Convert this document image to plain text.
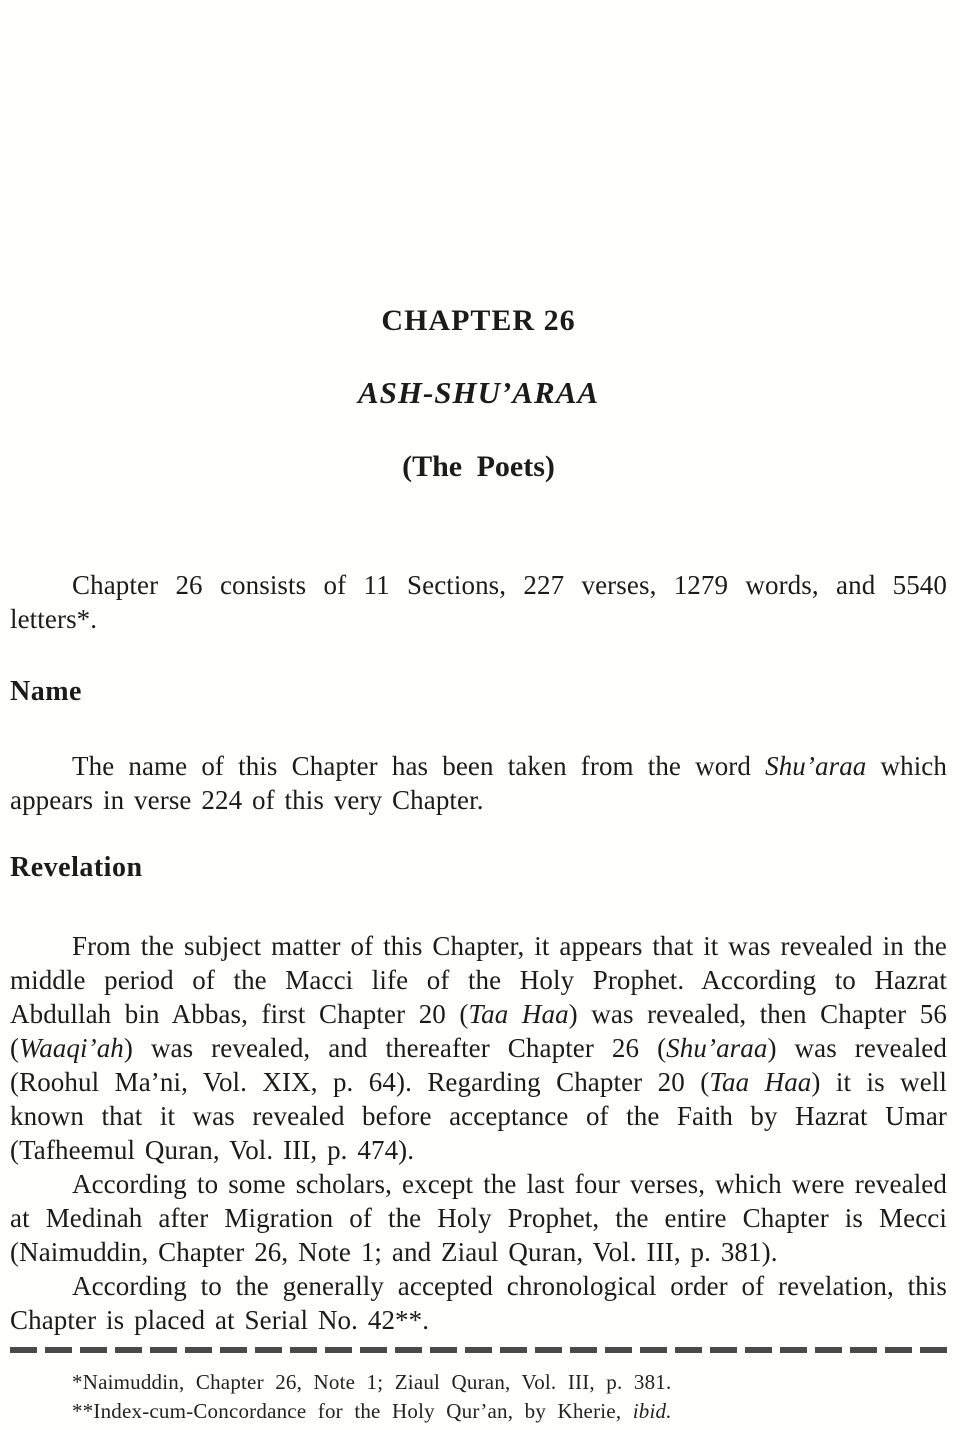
CHAPTER 26
ASH-SHU’ARAA
(The Poets)

Chapter 26 consists of 11 Sections, 227 verses, 1279 words, and 5540 letters*.

Name

The name of this Chapter has been taken from the word Shu’araa which appears in verse 224 of this very Chapter.

Revelation

From the subject matter of this Chapter, it appears that it was revealed in the middle period of the Macci life of the Holy Prophet. According to Hazrat Abdullah bin Abbas, first Chapter 20 (Taa Haa) was revealed, then Chapter 56 (Waaqi’ah) was revealed, and thereafter Chapter 26 (Shu’araa) was revealed (Roohul Ma’ni, Vol. XIX, p. 64). Regarding Chapter 20 (Taa Haa) it is well known that it was revealed before acceptance of the Faith by Hazrat Umar (Tafheemul Quran, Vol. III, p. 474).

According to some scholars, except the last four verses, which were revealed at Medinah after Migration of the Holy Prophet, the entire Chapter is Mecci (Naimuddin, Chapter 26, Note 1; and Ziaul Quran, Vol. III, p. 381).

According to the generally accepted chronological order of revelation, this Chapter is placed at Serial No. 42**.

*Naimuddin, Chapter 26, Note 1; Ziaul Quran, Vol. III, p. 381.

**Index-cum-Concordance for the Holy Qur’an, by Kherie, ibid.
